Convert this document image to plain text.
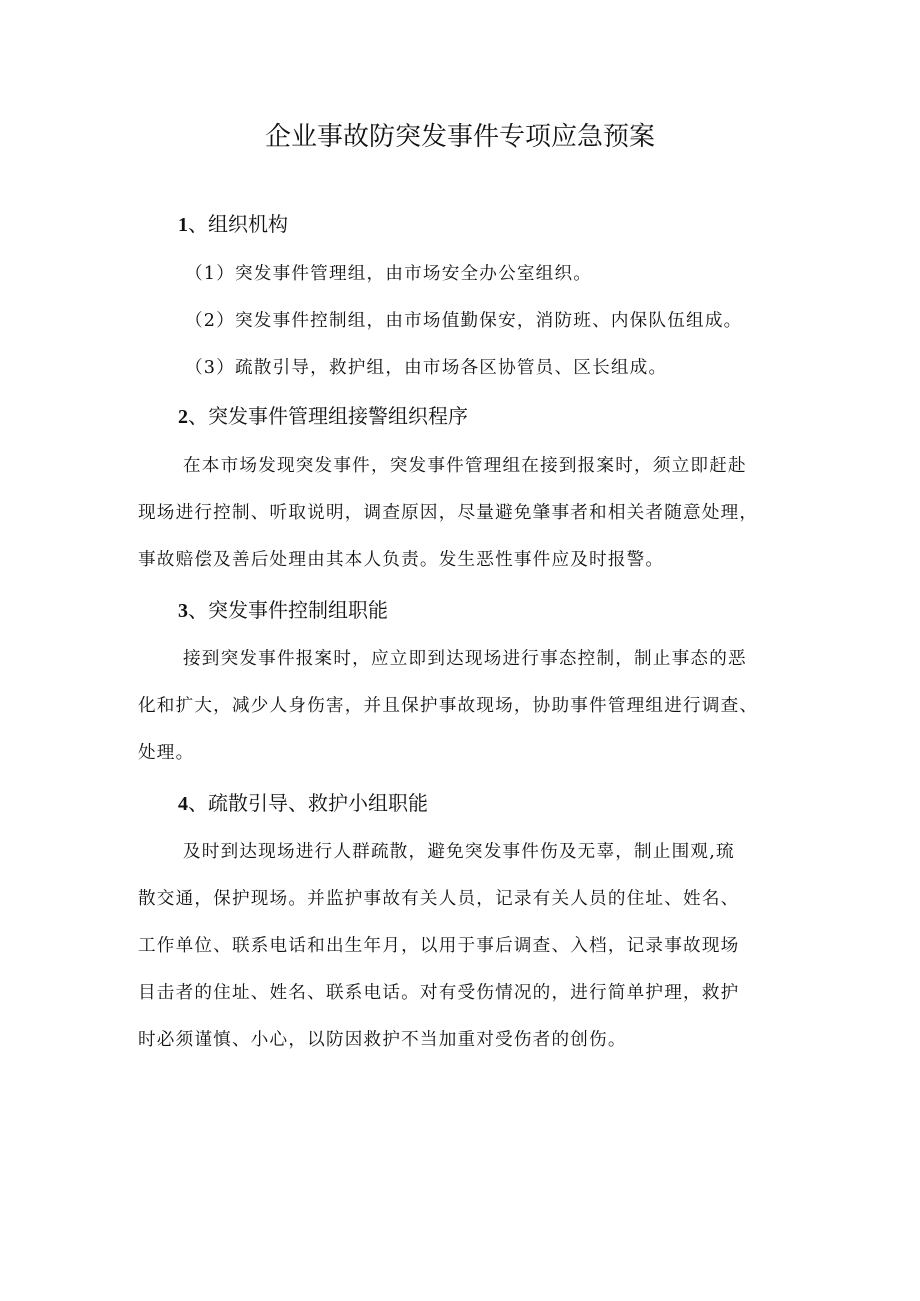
企业事故防突发事件专项应急预案
1、组织机构
（1）突发事件管理组，由市场安全办公室组织。
（2）突发事件控制组，由市场值勤保安，消防班、内保队伍组成。
（3）疏散引导，救护组，由市场各区协管员、区长组成。
2、突发事件管理组接警组织程序
在本市场发现突发事件，突发事件管理组在接到报案时，须立即赶赴
现场进行控制、听取说明，调查原因，尽量避免肇事者和相关者随意处理，
事故赔偿及善后处理由其本人负责。发生恶性事件应及时报警。
3、突发事件控制组职能
接到突发事件报案时，应立即到达现场进行事态控制，制止事态的恶
化和扩大，减少人身伤害，并且保护事故现场，协助事件管理组进行调查、
处理。
4、疏散引导、救护小组职能
及时到达现场进行人群疏散，避免突发事件伤及无辜，制止围观,琉
散交通，保护现场。并监护事故有关人员，记录有关人员的住址、姓名、
工作单位、联系电话和出生年月，以用于事后调查、入档，记录事故现场
目击者的住址、姓名、联系电话。对有受伤情况的，进行简单护理，救护
时必须谨慎、小心，以防因救护不当加重对受伤者的创伤。
